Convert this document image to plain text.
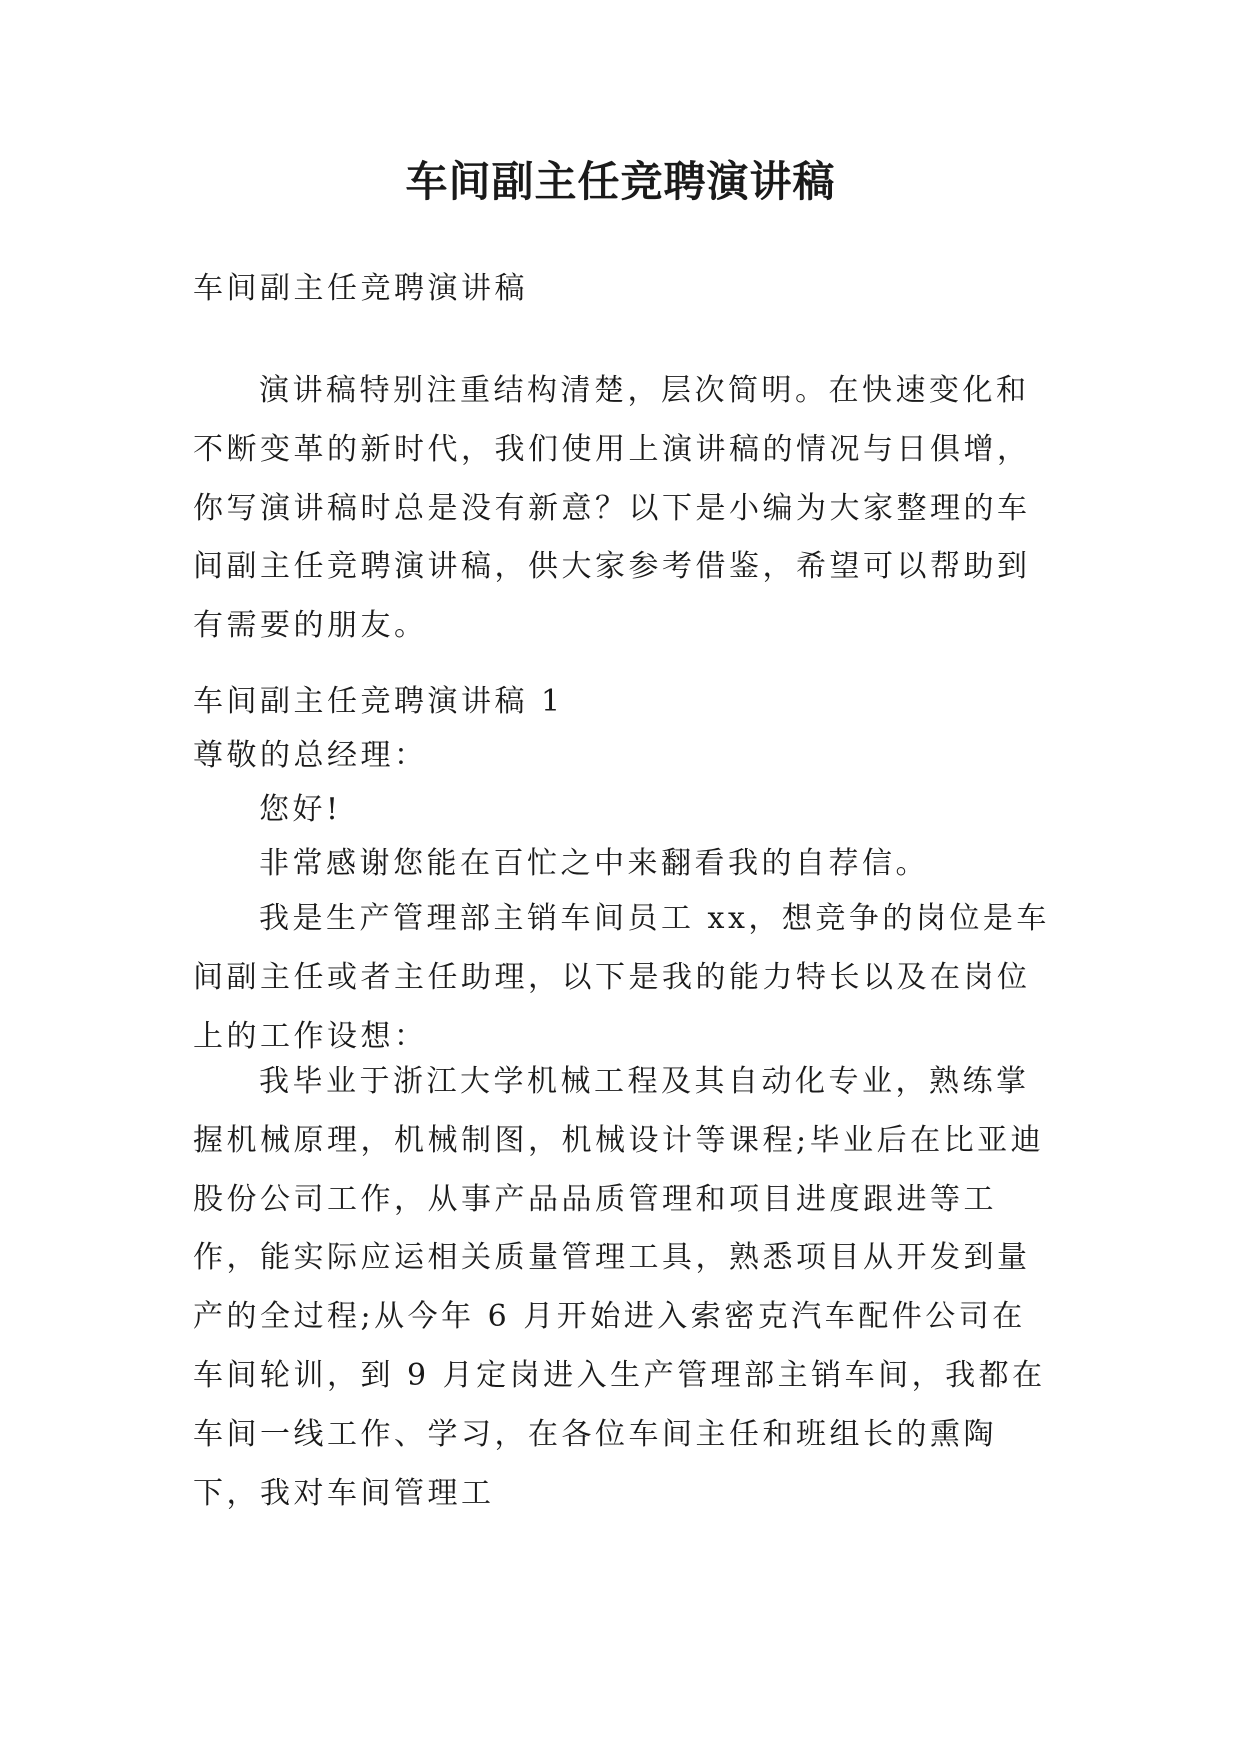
车间副主任竞聘演讲稿

车间副主任竞聘演讲稿

演讲稿特别注重结构清楚，层次简明。在快速变化和不断变革的新时代，我们使用上演讲稿的情况与日俱增，你写演讲稿时总是没有新意？以下是小编为大家整理的车间副主任竞聘演讲稿，供大家参考借鉴，希望可以帮助到有需要的朋友。

车间副主任竞聘演讲稿 1

尊敬的总经理：

您好!

非常感谢您能在百忙之中来翻看我的自荐信。

我是生产管理部主销车间员工 xx，想竞争的岗位是车间副主任或者主任助理，以下是我的能力特长以及在岗位上的工作设想：

我毕业于浙江大学机械工程及其自动化专业，熟练掌握机械原理，机械制图，机械设计等课程;毕业后在比亚迪股份公司工作，从事产品品质管理和项目进度跟进等工作，能实际应运相关质量管理工具，熟悉项目从开发到量产的全过程;从今年 6 月开始进入索密克汽车配件公司在车间轮训，到 9 月定岗进入生产管理部主销车间，我都在车间一线工作、学习，在各位车间主任和班组长的熏陶下，我对车间管理工
